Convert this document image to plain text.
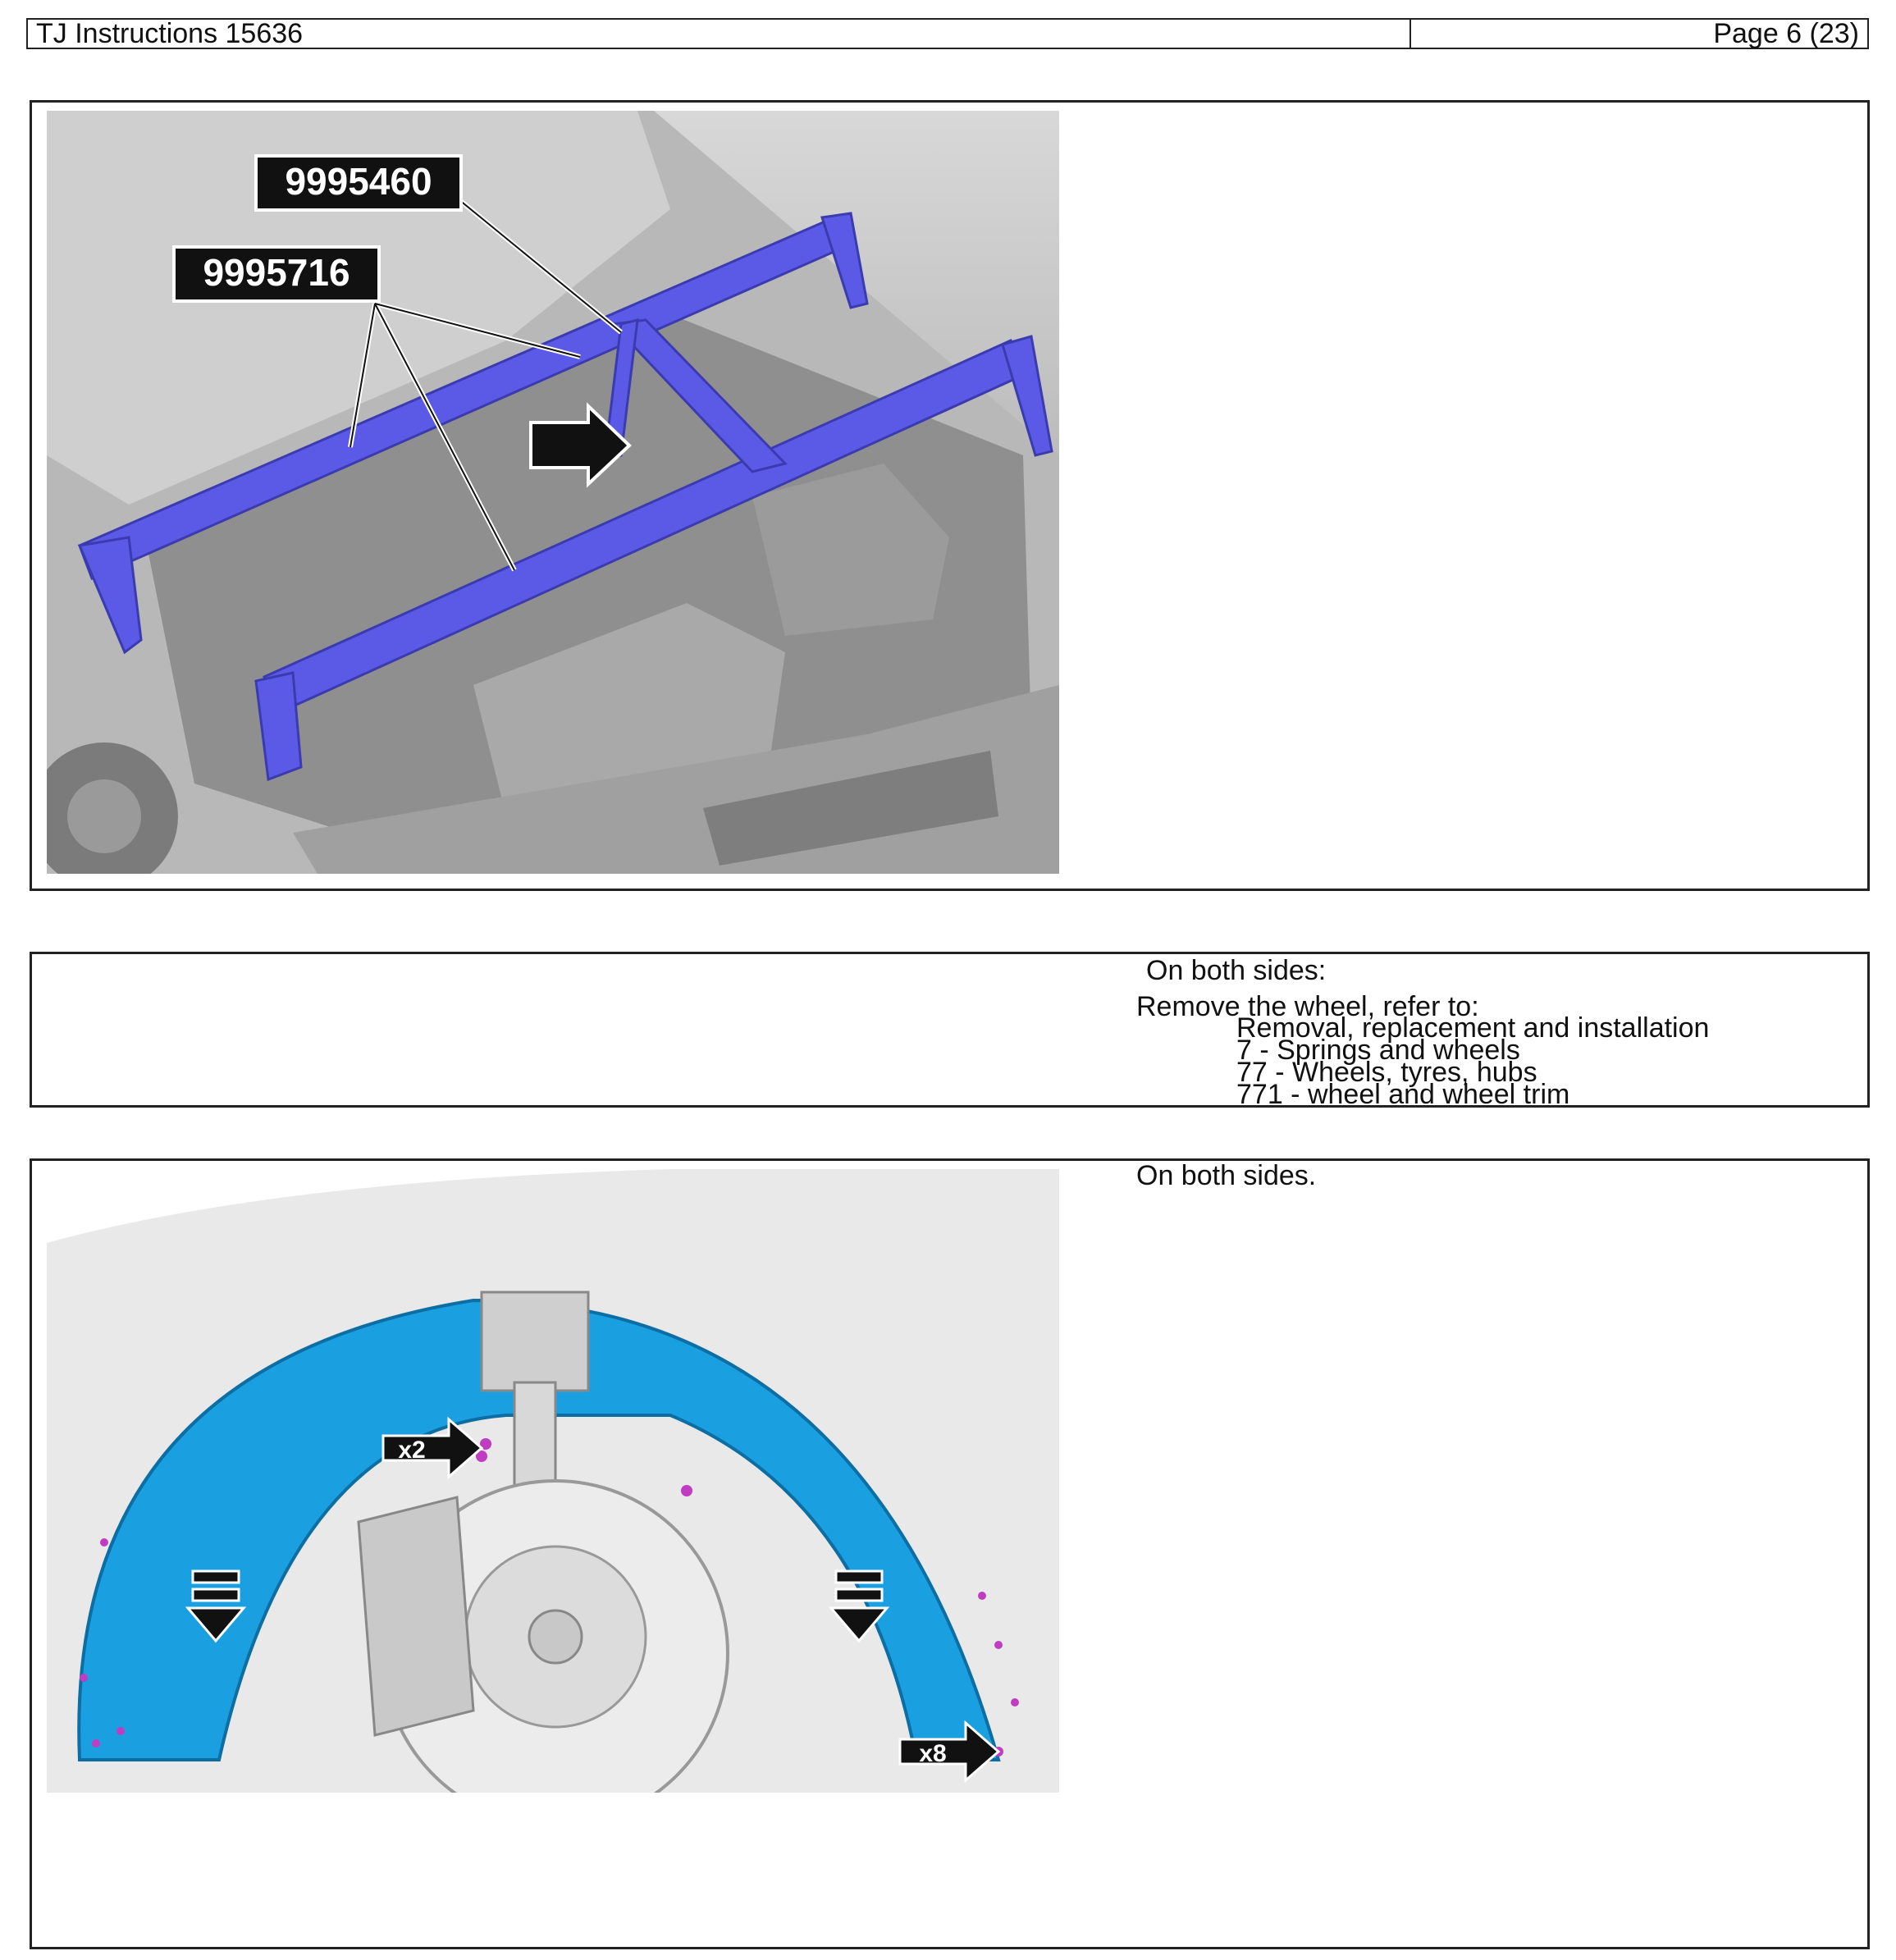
TJ Instructions 15636	Page 6 (23)
9995460
9995716
On both sides:
Remove the wheel, refer to:
Removal, replacement and installation
7 - Springs and wheels
77 - Wheels, tyres, hubs
771 - wheel and wheel trim
On both sides.
x2
x8
